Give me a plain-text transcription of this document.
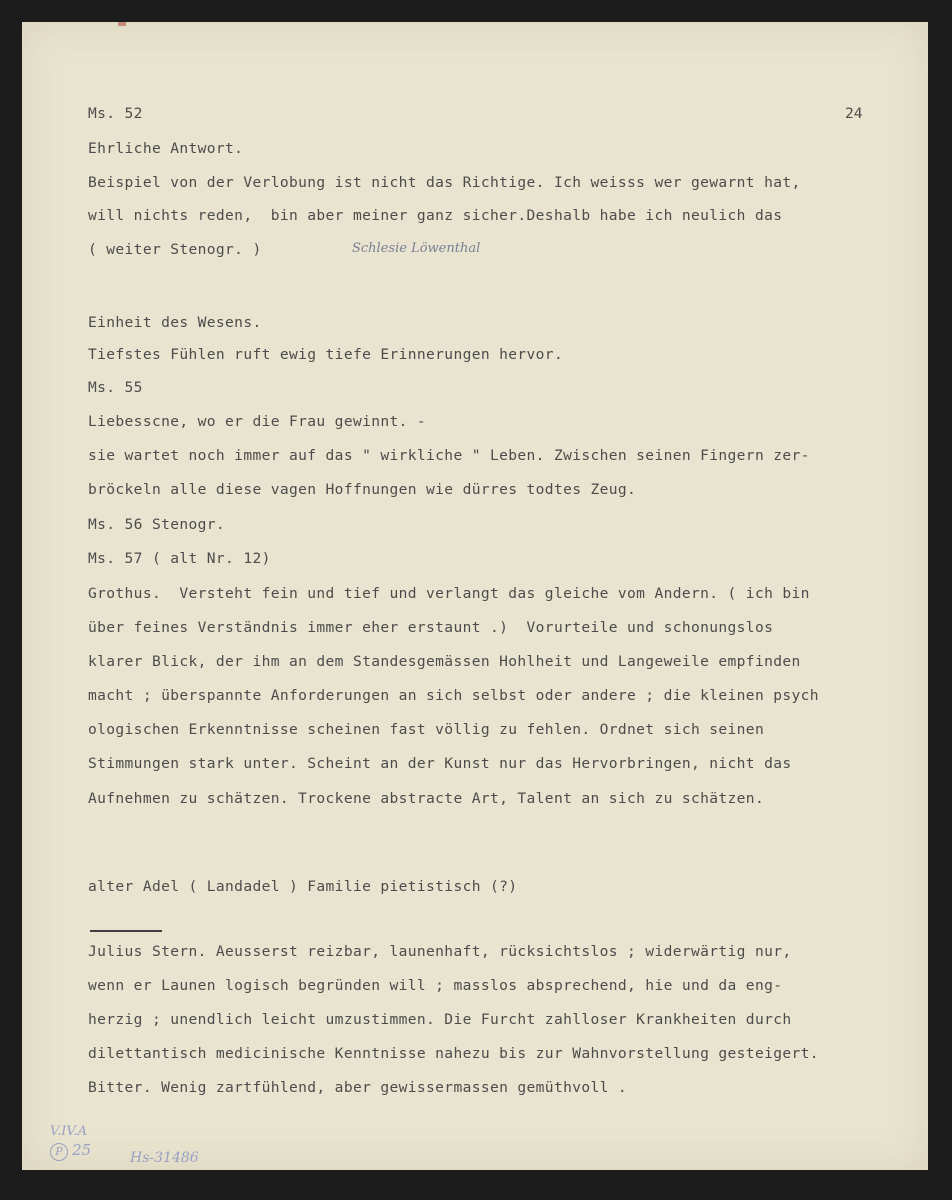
24
Ms. 52
Ehrliche Antwort.
Beispiel von der Verlobung ist nicht das Richtige. Ich weisss wer gewarnt hat,
will nichts reden,  bin aber meiner ganz sicher.Deshalb habe ich neulich das
( weiter Stenogr. )	Schlesie Löwenthal
Einheit des Wesens.
Tiefstes Fühlen ruft ewig tiefe Erinnerungen hervor.
Ms. 55
Liebesscne, wo er die Frau gewinnt. -
sie wartet noch immer auf das " wirkliche " Leben. Zwischen seinen Fingern zer-
bröckeln alle diese vagen Hoffnungen wie dürres todtes Zeug.
Ms. 56 Stenogr.
Ms. 57 ( alt Nr. 12)
Grothus.  Versteht fein und tief und verlangt das gleiche vom Andern. ( ich bin
über feines Verständnis immer eher erstaunt .)  Vorurteile und schonungslos
klarer Blick, der ihm an dem Standesgemässen Hohlheit und Langeweile empfinden
macht ; überspannte Anforderungen an sich selbst oder andere ; die kleinen psych
ologischen Erkenntnisse scheinen fast völlig zu fehlen. Ordnet sich seinen
Stimmungen stark unter. Scheint an der Kunst nur das Hervorbringen, nicht das
Aufnehmen zu schätzen. Trockene abstracte Art, Talent an sich zu schätzen.
alter Adel ( Landadel ) Familie pietistisch (?)
Julius Stern. Aeusserst reizbar, launenhaft, rücksichtslos ; widerwärtig nur,
wenn er Launen logisch begründen will ; masslos absprechend, hie und da eng-
herzig ; unendlich leicht umzustimmen. Die Furcht zahlloser Krankheiten durch
dilettantisch medicinische Kenntnisse nahezu bis zur Wahnvorstellung gesteigert.
Bitter. Wenig zartfühlend, aber gewissermassen gemüthvoll .
V.IV.A
P 25	Hs-31486
